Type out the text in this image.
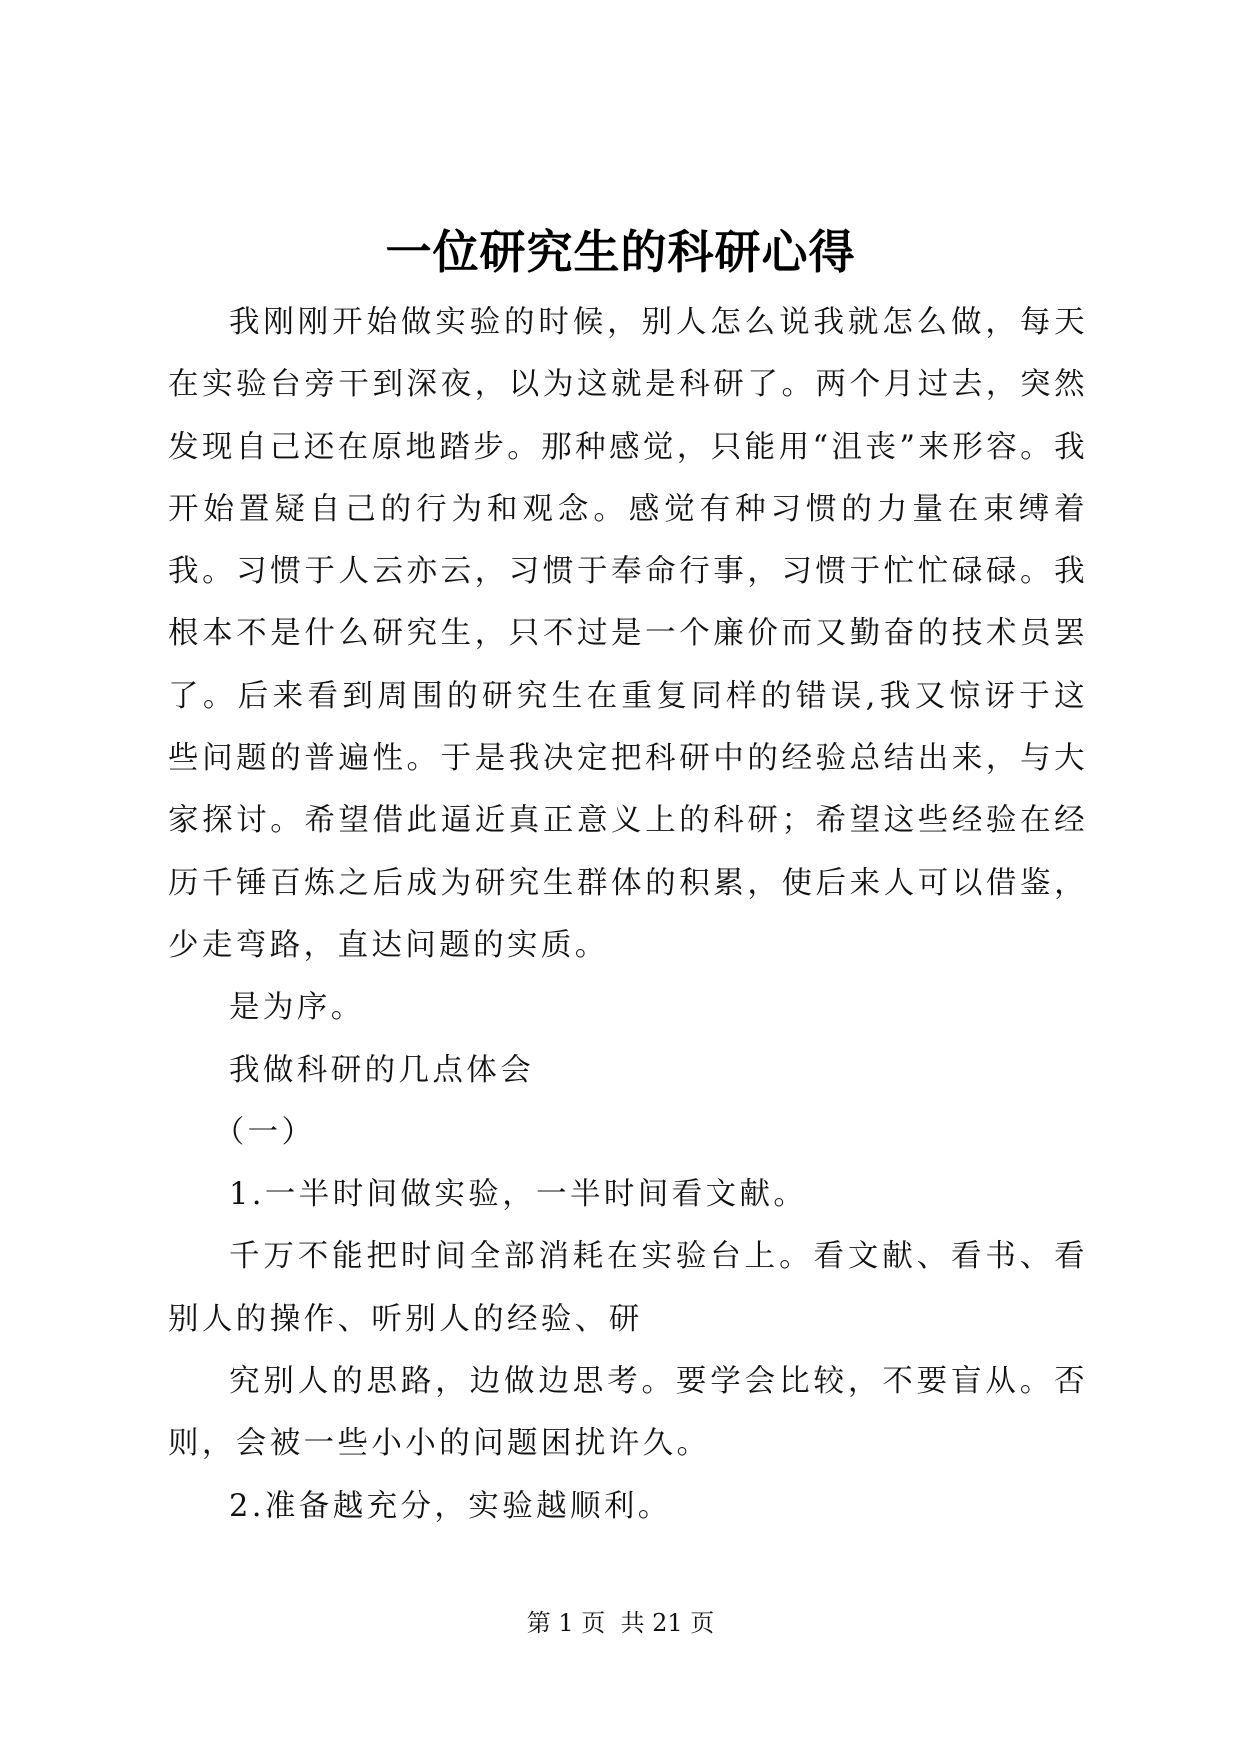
一位研究生的科研心得

我刚刚开始做实验的时候，别人怎么说我就怎么做，每天在实验台旁干到深夜，以为这就是科研了。两个月过去，突然发现自己还在原地踏步。那种感觉，只能用“沮丧”来形容。我开始置疑自己的行为和观念。感觉有种习惯的力量在束缚着我。习惯于人云亦云，习惯于奉命行事，习惯于忙忙碌碌。我根本不是什么研究生，只不过是一个廉价而又勤奋的技术员罢了。后来看到周围的研究生在重复同样的错误,我又惊讶于这些问题的普遍性。于是我决定把科研中的经验总结出来，与大家探讨。希望借此逼近真正意义上的科研；希望这些经验在经历千锤百炼之后成为研究生群体的积累，使后来人可以借鉴，少走弯路，直达问题的实质。

是为序。

我做科研的几点体会

（一）

1.一半时间做实验，一半时间看文献。

千万不能把时间全部消耗在实验台上。看文献、看书、看别人的操作、听别人的经验、研

究别人的思路，边做边思考。要学会比较，不要盲从。否则，会被一些小小的问题困扰许久。

2.准备越充分，实验越顺利。

第 1 页  共 21 页
